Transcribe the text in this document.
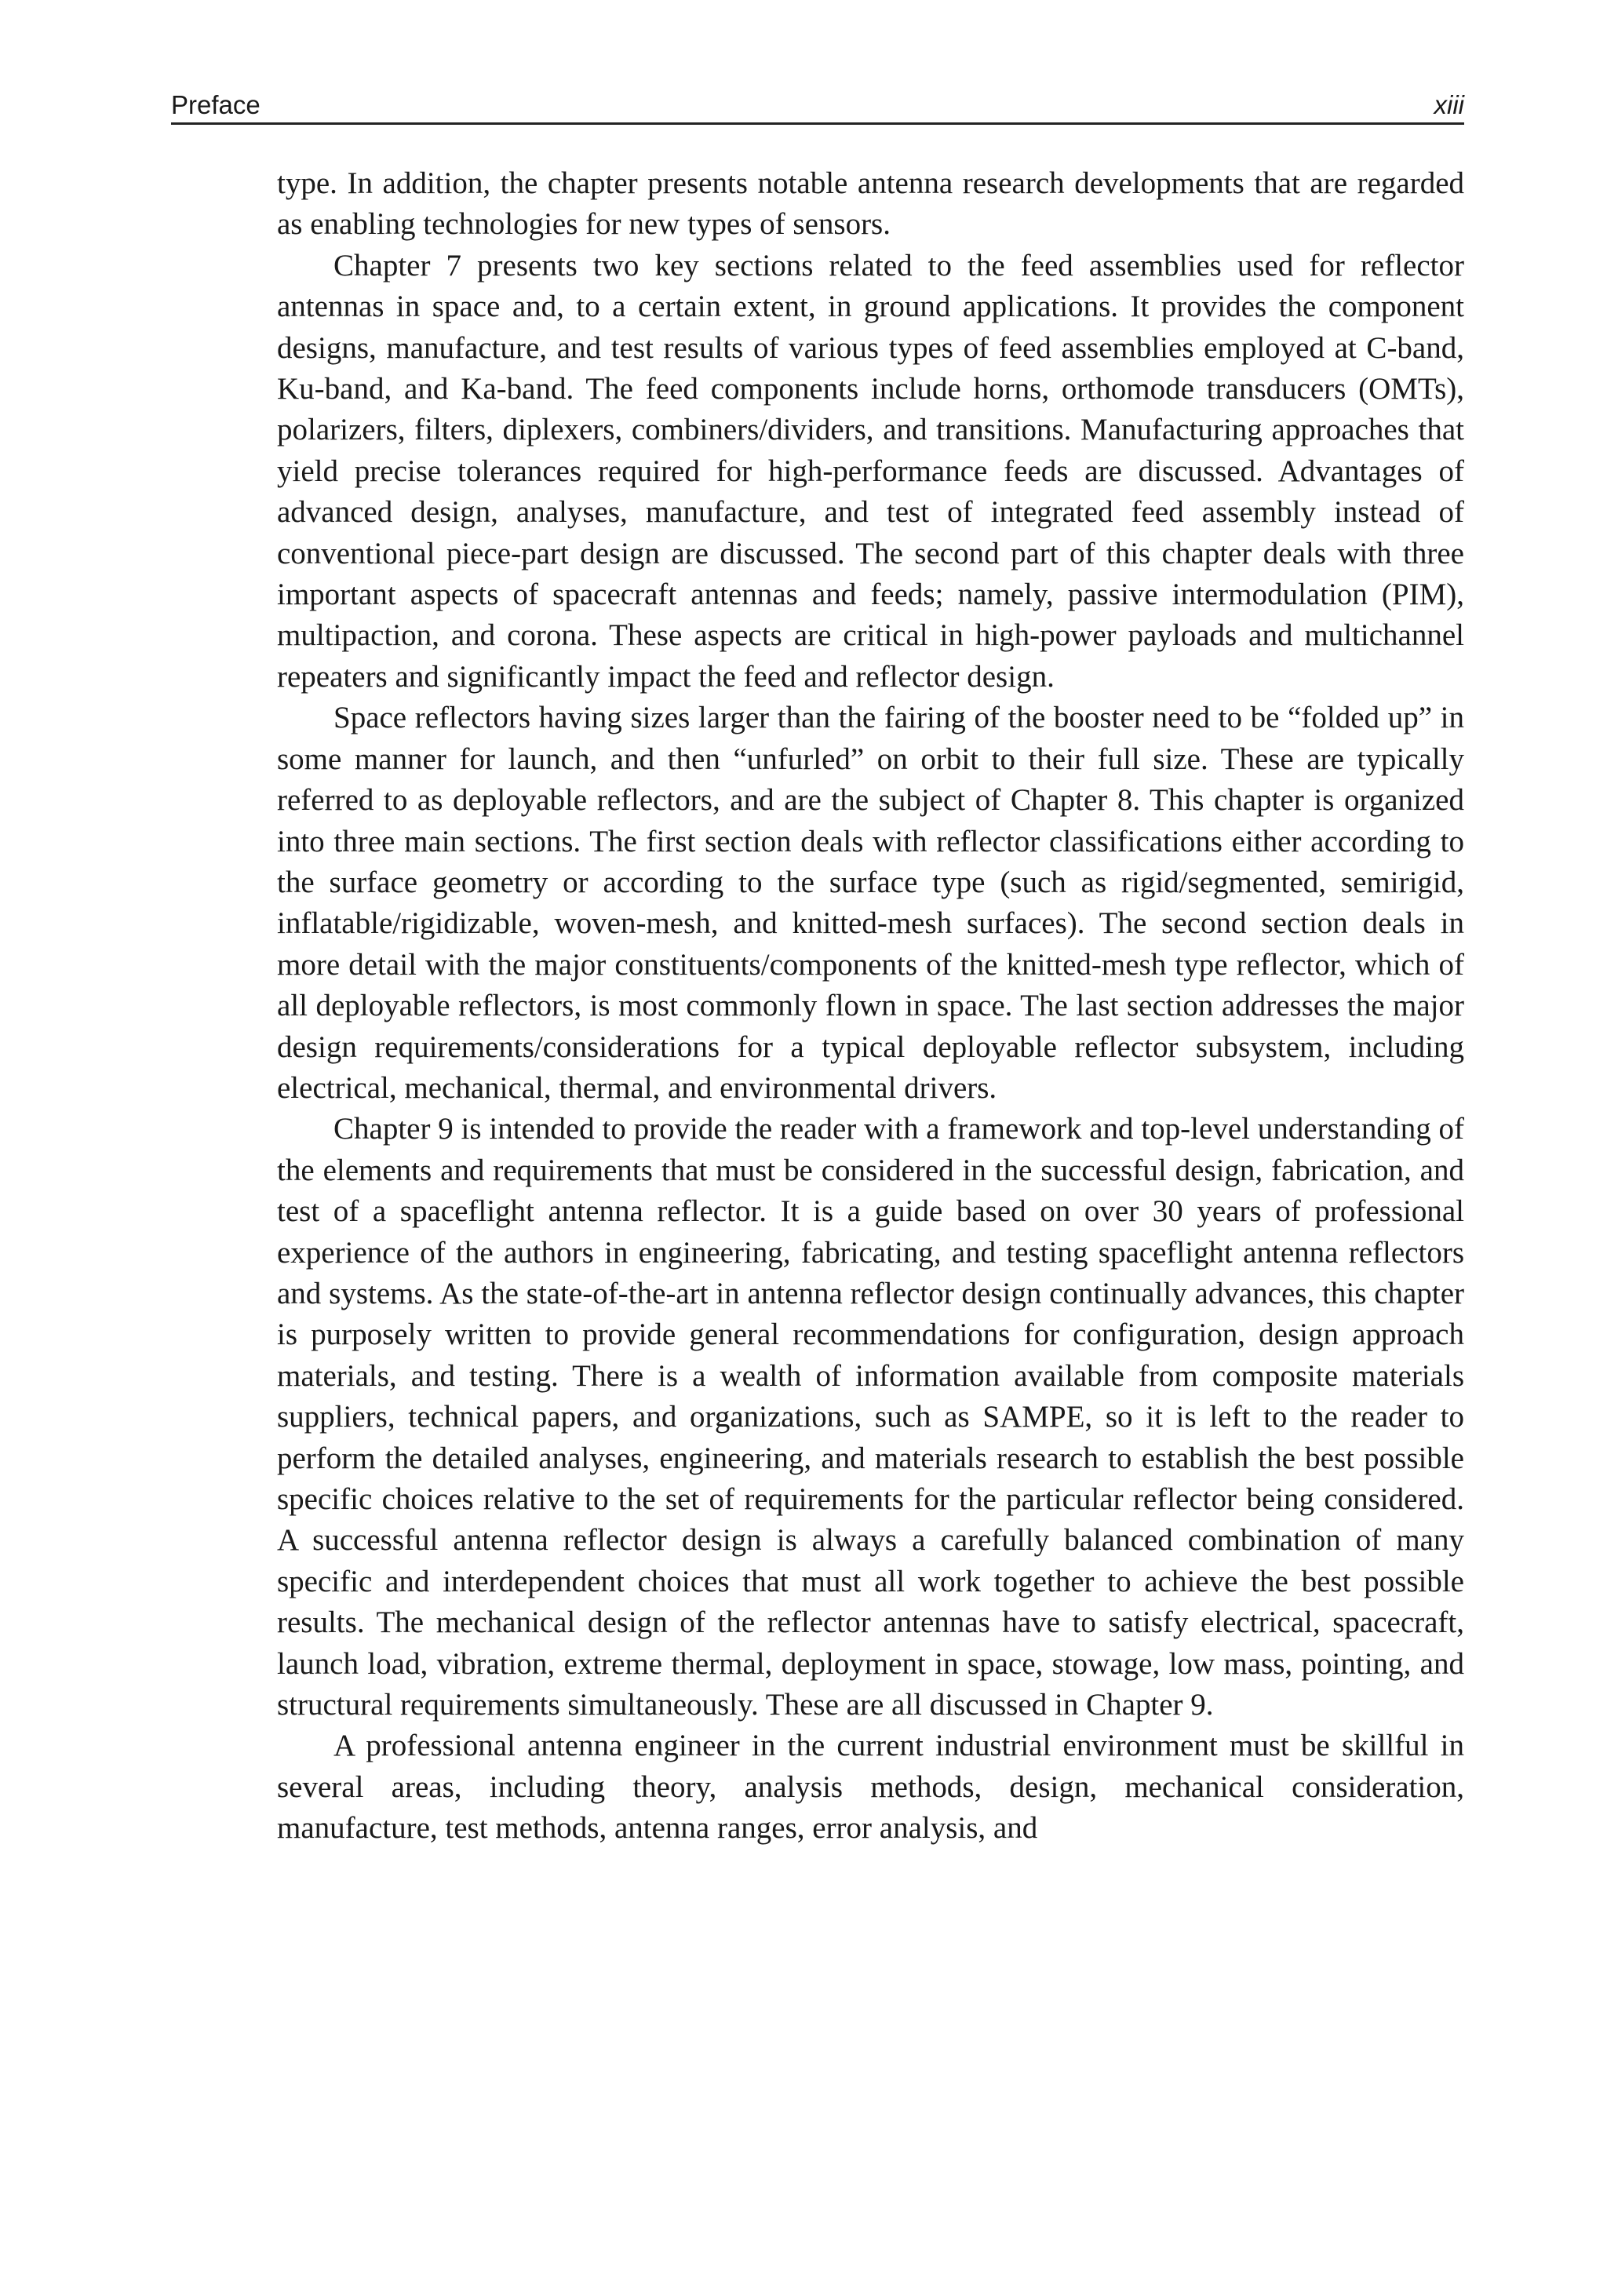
Preface	xiii

type. In addition, the chapter presents notable antenna research developments that are regarded as enabling technologies for new types of sensors.

Chapter 7 presents two key sections related to the feed assemblies used for reflector antennas in space and, to a certain extent, in ground applications. It provides the component designs, manufacture, and test results of various types of feed assemblies employed at C-band, Ku-band, and Ka-band. The feed components include horns, orthomode transducers (OMTs), polarizers, filters, diplexers, combiners/dividers, and transitions. Manufacturing approaches that yield precise tolerances required for high-performance feeds are discussed. Advantages of advanced design, analyses, manufacture, and test of integrated feed assembly instead of conventional piece-part design are discussed. The second part of this chapter deals with three important aspects of spacecraft antennas and feeds; namely, passive intermodulation (PIM), multipaction, and corona. These aspects are critical in high-power payloads and multichannel repeaters and significantly impact the feed and reflector design.

Space reflectors having sizes larger than the fairing of the booster need to be “folded up” in some manner for launch, and then “unfurled” on orbit to their full size. These are typically referred to as deployable reflectors, and are the subject of Chapter 8. This chapter is organized into three main sections. The first section deals with reflector classifications either according to the surface geometry or according to the surface type (such as rigid/segmented, semirigid, inflatable/rigidizable, woven-mesh, and knitted-mesh surfaces). The second section deals in more detail with the major constituents/components of the knitted-mesh type reflector, which of all deployable reflectors, is most commonly flown in space. The last section addresses the major design requirements/considerations for a typical deployable reflector subsystem, including electrical, mechanical, thermal, and environmental drivers.

Chapter 9 is intended to provide the reader with a framework and top-level understanding of the elements and requirements that must be considered in the successful design, fabrication, and test of a spaceflight antenna reflector. It is a guide based on over 30 years of professional experience of the authors in engineering, fabricating, and testing spaceflight antenna reflectors and systems. As the state-of-the-art in antenna reflector design continually advances, this chapter is purposely written to provide general recommendations for configuration, design approach materials, and testing. There is a wealth of information available from composite materials suppliers, technical papers, and organizations, such as SAMPE, so it is left to the reader to perform the detailed analyses, engineering, and materials research to establish the best possible specific choices relative to the set of requirements for the particular reflector being considered. A successful antenna reflector design is always a carefully balanced combination of many specific and interdependent choices that must all work together to achieve the best possible results. The mechanical design of the reflector antennas have to satisfy electrical, spacecraft, launch load, vibration, extreme thermal, deployment in space, stowage, low mass, pointing, and structural requirements simultaneously. These are all discussed in Chapter 9.

A professional antenna engineer in the current industrial environment must be skillful in several areas, including theory, analysis methods, design, mechanical consideration, manufacture, test methods, antenna ranges, error analysis, and
